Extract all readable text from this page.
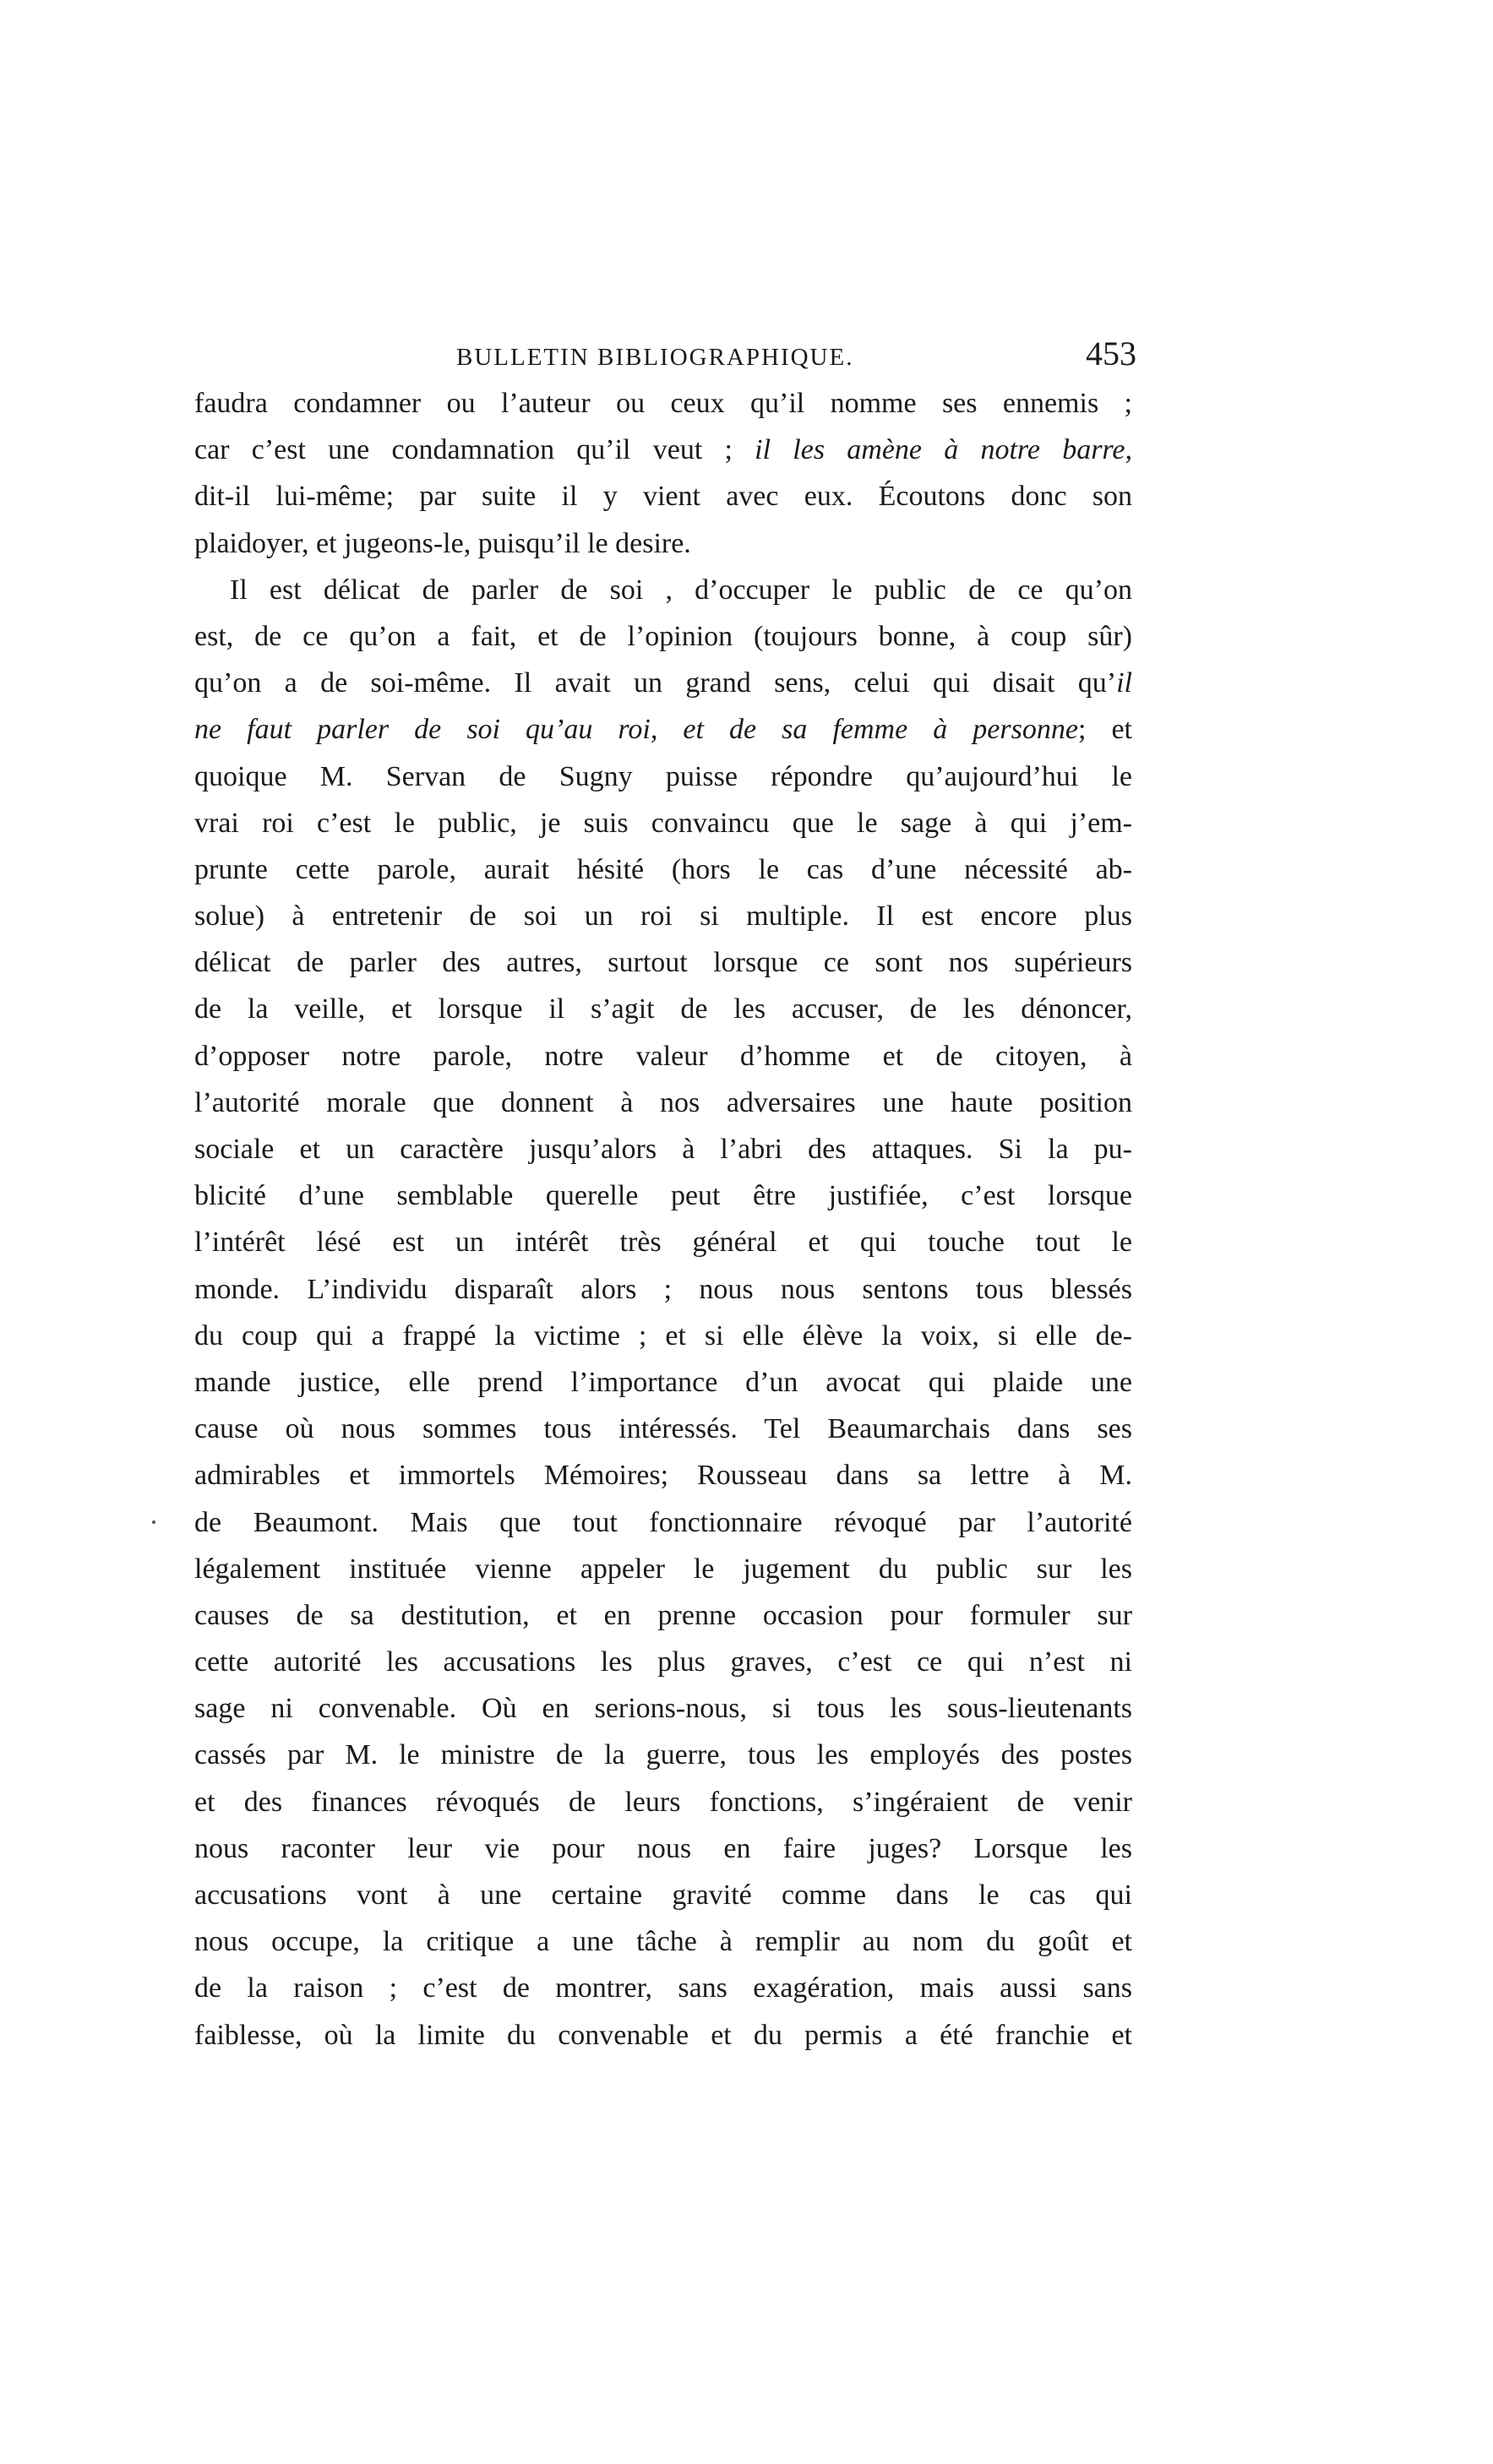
BULLETIN BIBLIOGRAPHIQUE.	453
faudra condamner ou l’auteur ou ceux qu’il nomme ses ennemis ;
car c’est une condamnation qu’il veut ; il les amène à notre barre,
dit-il lui-même; par suite il y vient avec eux. Écoutons donc son
plaidoyer, et jugeons-le, puisqu’il le desire.
Il est délicat de parler de soi , d’occuper le public de ce qu’on
est, de ce qu’on a fait, et de l’opinion (toujours bonne, à coup sûr)
qu’on a de soi-même. Il avait un grand sens, celui qui disait qu’il
ne faut parler de soi qu’au roi, et de sa femme à personne; et
quoique M. Servan de Sugny puisse répondre qu’aujourd’hui le
vrai roi c’est le public, je suis convaincu que le sage à qui j’em-
prunte cette parole, aurait hésité (hors le cas d’une nécessité ab-
solue) à entretenir de soi un roi si multiple. Il est encore plus
délicat de parler des autres, surtout lorsque ce sont nos supérieurs
de la veille, et lorsque il s’agit de les accuser, de les dénoncer,
d’opposer notre parole, notre valeur d’homme et de citoyen, à
l’autorité morale que donnent à nos adversaires une haute position
sociale et un caractère jusqu’alors à l’abri des attaques. Si la pu-
blicité d’une semblable querelle peut être justifiée, c’est lorsque
l’intérêt lésé est un intérêt très général et qui touche tout le
monde. L’individu disparaît alors ; nous nous sentons tous blessés
du coup qui a frappé la victime ; et si elle élève la voix, si elle de-
mande justice, elle prend l’importance d’un avocat qui plaide une
cause où nous sommes tous intéressés. Tel Beaumarchais dans ses
admirables et immortels Mémoires; Rousseau dans sa lettre à M.
de Beaumont. Mais que tout fonctionnaire révoqué par l’autorité
légalement instituée vienne appeler le jugement du public sur les
causes de sa destitution, et en prenne occasion pour formuler sur
cette autorité les accusations les plus graves, c’est ce qui n’est ni
sage ni convenable. Où en serions-nous, si tous les sous-lieutenants
cassés par M. le ministre de la guerre, tous les employés des postes
et des finances révoqués de leurs fonctions, s’ingéraient de venir
nous raconter leur vie pour nous en faire juges? Lorsque les
accusations vont à une certaine gravité comme dans le cas qui
nous occupe, la critique a une tâche à remplir au nom du goût et
de la raison ; c’est de montrer, sans exagération, mais aussi sans
faiblesse, où la limite du convenable et du permis a été franchie et
